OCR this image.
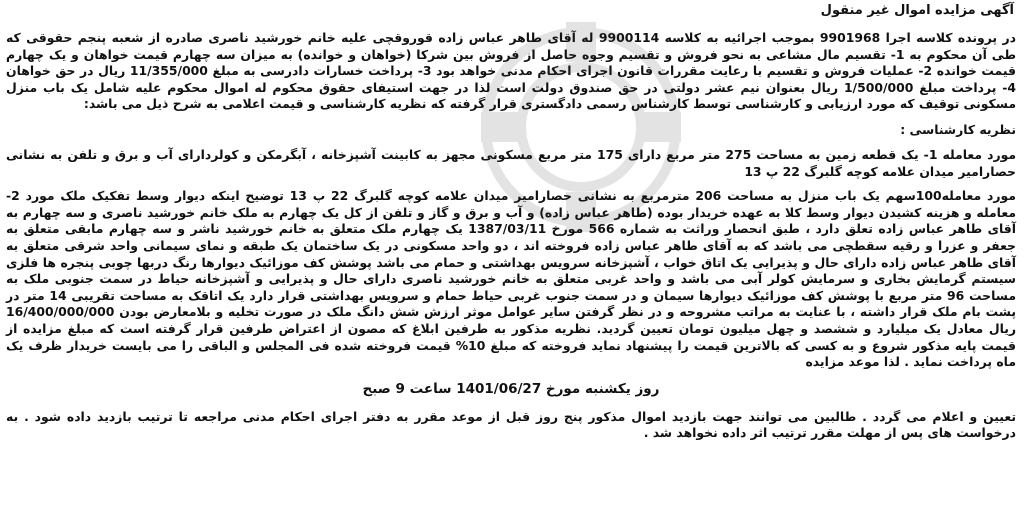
آگهی مزایده اموال غیر منقول

در پرونده کلاسه اجرا 9901968 بموجب اجرائیه به کلاسه 9900114 له آقای طاهر عباس زاده قوروقچی علیه خانم خورشید ناصری صادره از شعبه پنجم حقوقی که طی آن محکوم به 1- تقسیم مال مشاعی به نحو فروش و تقسیم وجوه حاصل از فروش بین شرکا (خواهان و خوانده) به میزان سه چهارم قیمت خواهان و یک چهارم قیمت خوانده 2- عملیات فروش و تقسیم با رعایت مقررات قانون اجرای احکام مدنی خواهد بود 3- پرداخت خسارات دادرسی به مبلغ 11/355/000 ریال در حق خواهان 4- پرداخت مبلغ 1/500/000 ریال بعنوان نیم عشر دولتی در حق صندوق دولت است لذا در جهت استیفای حقوق محکوم له اموال محکوم علیه شامل یک باب منزل مسکونی توقیف که مورد ارزیابی و کارشناسی توسط کارشناس رسمی دادگستری قرار گرفته که نظریه کارشناسی و قیمت اعلامی به شرح ذیل می باشد:

نظریه کارشناسی :

مورد معامله 1- یک قطعه زمین به مساحت 275 متر مربع دارای 175 متر مربع مسکونی مجهز به کابینت آشپزخانه ، آبگرمکن و کولردارای آب و برق و تلفن به نشانی حصارامیر میدان علامه کوچه گلبرگ 22 پ 13

مورد معامله100سهم یک باب منزل به مساحت 206 مترمربع به نشانی حصارامیر میدان علامه کوچه گلبرگ 22 پ 13 توضیح اینکه دیوار وسط تفکیک ملک مورد 2- معامله و هزینه کشیدن دیوار وسط کلا به عهده خریدار بوده (طاهر عباس زاده) و آب و برق و گاز و تلفن از کل یک چهارم به ملک خانم خورشید ناصری و سه چهارم به آقای طاهر عباس زاده تعلق دارد ، طبق انحصار وراثت به شماره 566 مورخ 1387/03/11 یک چهارم ملک متعلق به خانم خورشید ناشر و سه چهارم مابقی متعلق به جعفر و عزرا و رقیه سقطچی می باشد که به آقای طاهر عباس زاده فروخته اند ، دو واحد مسکونی در یک ساختمان یک طبقه و نمای سیمانی واحد شرقی متعلق به آقای طاهر عباس زاده دارای حال و پذیرایی یک اتاق خواب ، آشپزخانه سرویس بهداشتی و حمام می باشد پوشش کف موزائیک دیوارها رنگ دربها چوبی پنجره ها فلزی سیستم گرمایش بخاری و سرمایش کولر آبی می باشد و واحد غربی متعلق به خانم خورشید ناصری دارای حال و پذیرایی و آشپزخانه حیاط در سمت جنوبی ملک به مساحت 96 متر مربع با پوشش کف موزائیک دیوارها سیمان و در سمت جنوب غربی حیاط حمام و سرویس بهداشتی قرار دارد یک اتاقک به مساحت تقریبی 14 متر در پشت بام ملک قرار داشته ، با عنایت به مراتب مشروحه و در نظر گرفتن سایر عوامل موثر ارزش شش دانگ ملک در صورت تخلیه و بلامعارض بودن 16/400/000/000 ریال معادل یک میلیارد و ششصد و چهل میلیون تومان تعیین گردید. نظریه مذکور به طرفین ابلاغ که مصون از اعتراض طرفین قرار گرفته است که مبلغ مزایده از قیمت پایه مذکور شروع و به کسی که بالاترین قیمت را پیشنهاد نماید فروخته که مبلغ 10% قیمت فروخته شده فی المجلس و الباقی را می بایست خریدار ظرف یک ماه پرداخت نماید . لذا موعد مزایده

روز یکشنبه مورخ 1401/06/27 ساعت 9 صبح

تعیین و اعلام می گردد . طالبین می توانند جهت بازدید اموال مذکور پنج روز قبل از موعد مقرر به دفتر اجرای احکام مدنی مراجعه تا ترتیب بازدید داده شود . به درخواست های پس از مهلت مقرر ترتیب اثر داده نخواهد شد .
